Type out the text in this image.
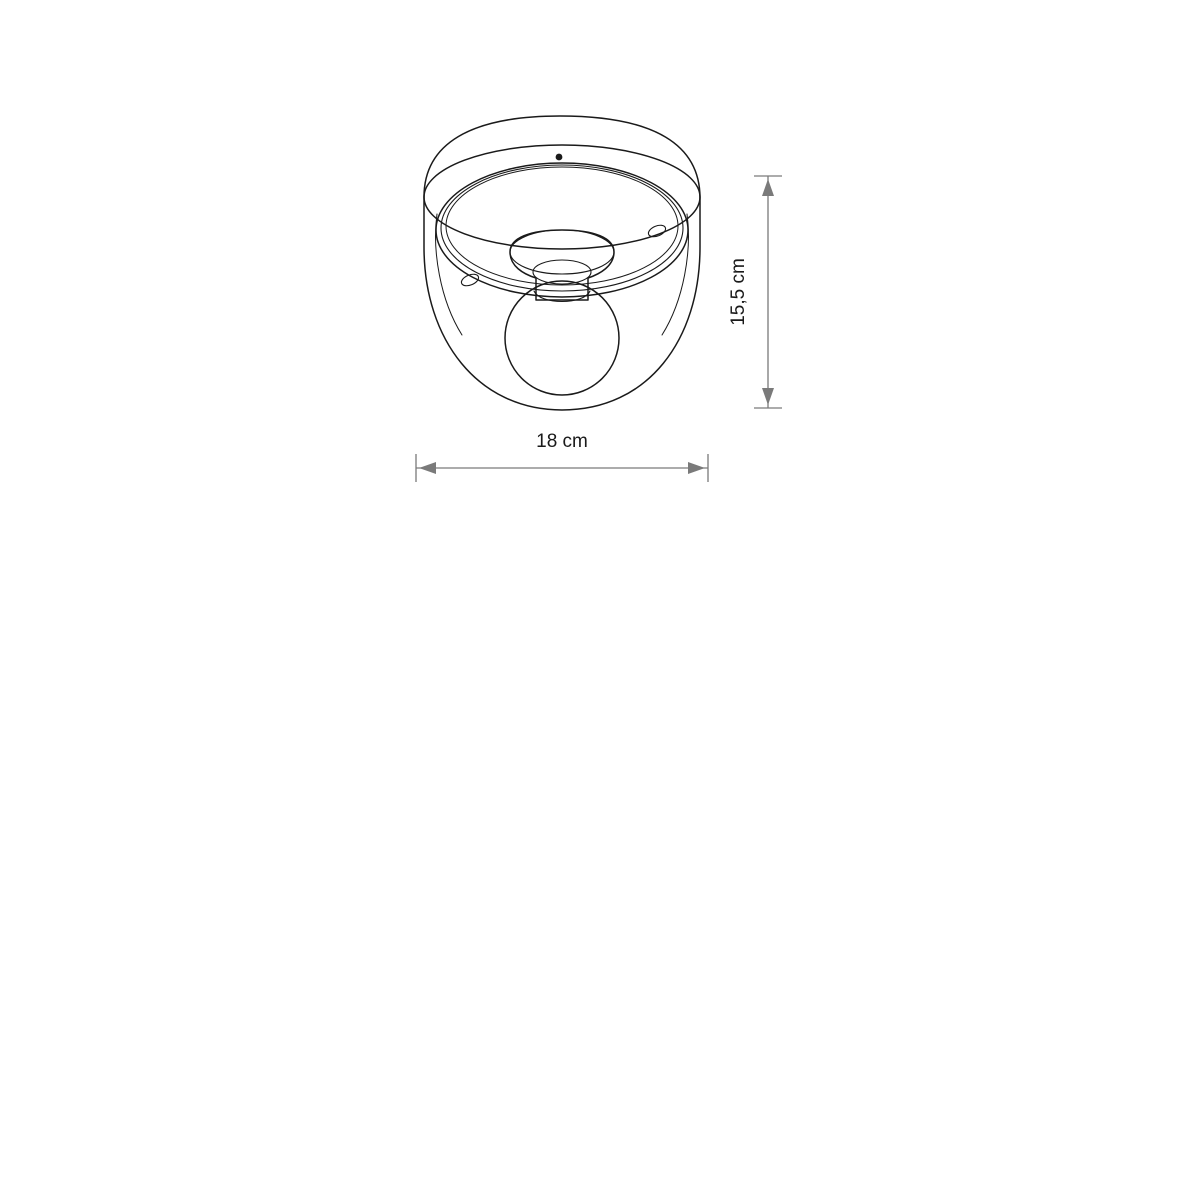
15,5 cm
18 cm
